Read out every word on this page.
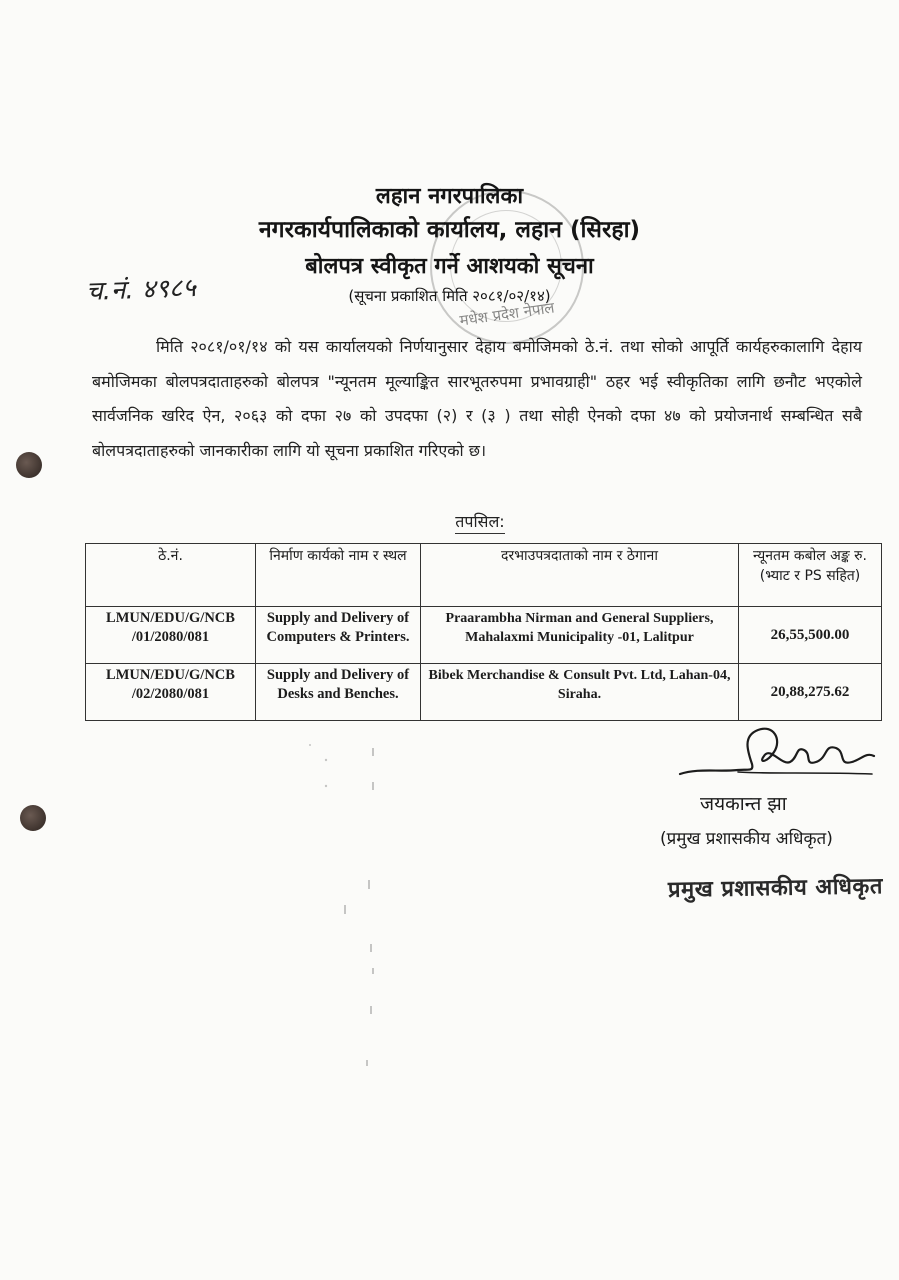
मधेश प्रदेश नेपाल
लहान नगरपालिका
नगरकार्यपालिकाको कार्यालय, लहान (सिरहा)
बोलपत्र स्वीकृत गर्ने आशयको सूचना
(सूचना प्रकाशित मिति २०८१/०२/१४)
च.नं. ४९८५
मिति २०८१/०१/१४ को यस कार्यालयको निर्णयानुसार देहाय बमोजिमको ठे.नं. तथा सोको आपूर्ति कार्यहरुकालागि देहाय बमोजिमका बोलपत्रदाताहरुको बोलपत्र "न्यूनतम मूल्याङ्कित सारभूतरुपमा प्रभावग्राही" ठहर भई स्वीकृतिका लागि छनौट भएकोले सार्वजनिक खरिद ऐन, २०६३ को दफा २७ को उपदफा (२) र (३ ) तथा सोही ऐनको दफा ४७ को प्रयोजनार्थ सम्बन्धित सबै बोलपत्रदाताहरुको जानकारीका लागि यो सूचना प्रकाशित गरिएको छ।
तपसिल:
ठे.नं.	निर्माण कार्यको नाम र स्थल	दरभाउपत्रदाताको नाम र ठेगाना	न्यूनतम कबोल अङ्क रु. (भ्याट र PS सहित)
LMUN/EDU/G/NCB /01/2080/081	Supply and Delivery of Computers & Printers.	Praarambha Nirman and General Suppliers, Mahalaxmi Municipality -01, Lalitpur	26,55,500.00
LMUN/EDU/G/NCB /02/2080/081	Supply and Delivery of Desks and Benches.	Bibek Merchandise & Consult Pvt. Ltd, Lahan-04, Siraha.	20,88,275.62
जयकान्त झा
(प्रमुख प्रशासकीय अधिकृत)
प्रमुख प्रशासकीय अधिकृत
